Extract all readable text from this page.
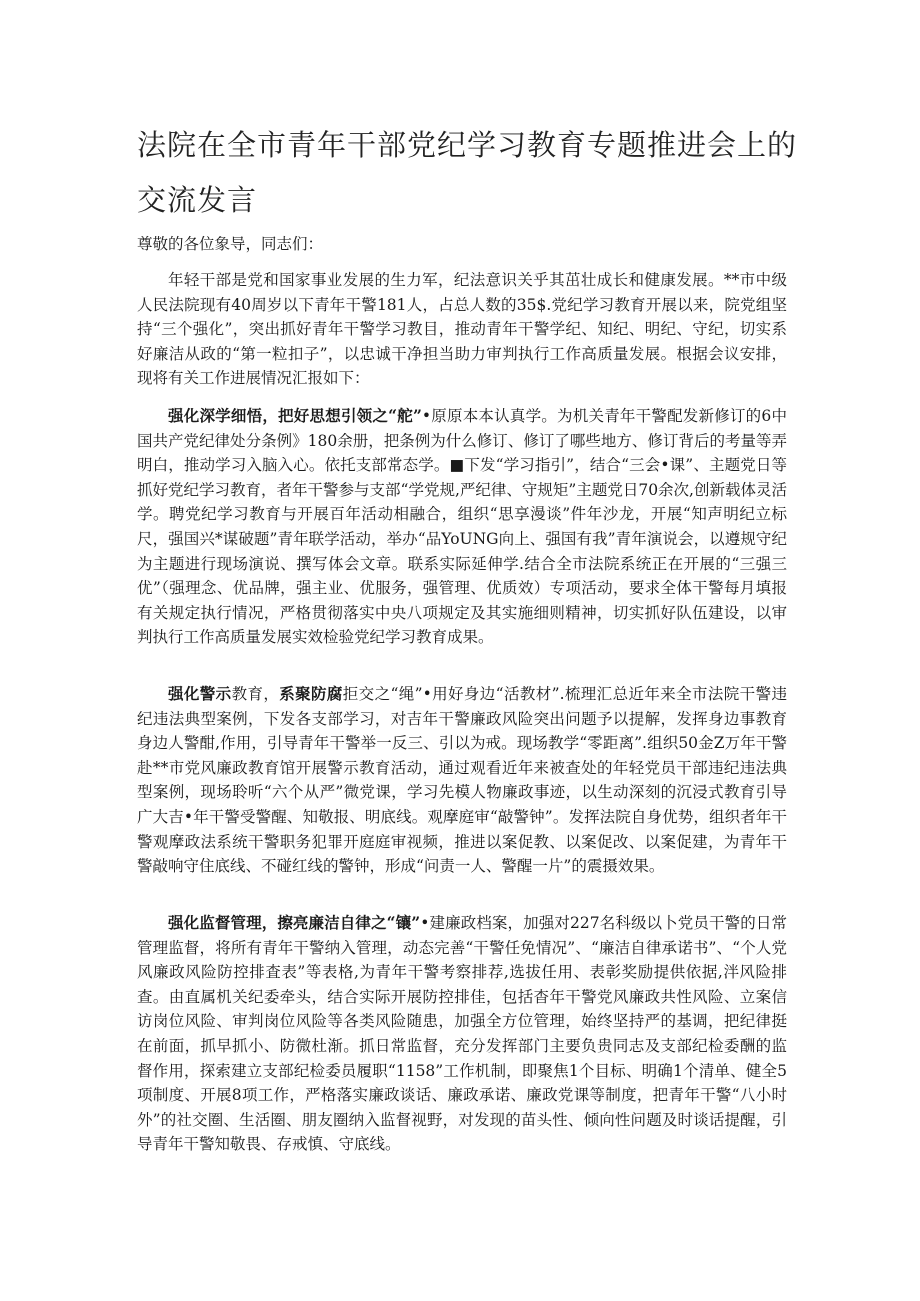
法院在全市青年干部党纪学习教育专题推进会上的
交流发言
尊敬的各位象导，同志们：

年轻干部是党和国家事业发展的生力军，纪法意识关乎其茁壮成长和健康发展。**市中级人民法院现有40周岁以下青年干警181人，占总人数的35$.党纪学习教育开展以来，院党组坚持“三个强化”，突出抓好青年干警学习教目，推动青年干警学纪、知纪、明纪、守纪，切实系好廉洁从政的“第一粒扣子”，以忠诚干净担当助力审判执行工作高质量发展。根据会议安排，现将有关工作进展情况汇报如下：

强化深学细悟，把好思想引领之“舵”•原原本本认真学。为机关青年干警配发新修订的6中国共产党纪律处分条例》180余册，把条例为什么修订、修订了哪些地方、修订背后的考量等弄明白，推动学习入脑入心。依托支部常态学。■下发“学习指引”，结合“三会•课”、主题党日等抓好党纪学习教育，者年干警参与支部“学党规,严纪律、守规矩”主题党日70余次,创新载体灵活学。聘党纪学习教育与开展百年活动相融合，组织“思享漫谈”件年沙龙，开展“知声明纪立标尺，强国兴*谋破题”青年联学活动，举办“品YoUNG向上、强国有我”青年演说会，以遵规守纪为主题进行现场演说、撰写体会文章。联系实际延伸学.结合全市法院系统正在开展的“三强三优”（强理念、优品牌，强主业、优服务，强管理、优质效）专项活动，要求全体干警每月填报有关规定执行情况，严格贯彻落实中央八项规定及其实施细则精神，切实抓好队伍建设，以审判执行工作高质量发展实效检验党纪学习教育成果。

强化警示教育，系聚防腐拒交之“绳”•用好身边“活教材”.梳理汇总近年来全市法院干警违纪违法典型案例，下发各支部学习，对吉年干警廉政风险突出问题予以提解，发挥身边事教育身边人警酣,作用，引导青年干警举一反三、引以为戒。现场教学“零距离”.组织50金Z万年干警赴**市党风廉政教育馆开展警示教育活动，通过观看近年来被查处的年轻党员干部违纪违法典型案例，现场聆听“六个从严”微党课，学习先模人物廉政事迹，以生动深刻的沉浸式教育引导广大吉•年干警受警醒、知敬报、明底线。观摩庭审“敲警钟”。发挥法院自身优势，组织者年干警观摩政法系统干警职务犯罪开庭庭审视频，推进以案促教、以案促改、以案促建，为青年干警敲响守住底线、不碰红线的警钟，形成“问责一人、警醒一片”的震摄效果。

强化监督管理，擦亮廉洁自律之“镶”•建廉政档案，加强对227名科级以卜党员干警的日常管理监督，将所有青年干警纳入管理，动态完善“干警任免情况”、“廉洁自律承诺书”、“个人党风廉政风险防控排査表”等表格,为青年干警考察排荐,选拔任用、表彰奖励提供依据,泮风险排查。由直属机关纪委牵头，结合实际开展防控排佳，包括杳年干警党风廉政共性风险、立案信访岗位风险、审判岗位风险等各类风险随患，加强全方位管理，始终坚持严的基调，把纪律挺在前面，抓早抓小、防微杜渐。抓日常监督，充分发挥部门主要负贵同志及支部纪检委酬的监督作用，探索建立支部纪检委员履职“1158”工作机制，即聚焦1个目标、明确1个清单、健全5项制度、开展8项工作，严格落实廉政谈话、廉政承诺、廉政党课等制度，把青年干警“八小时外”的社交圈、生活圈、朋友圈纳入监督视野，对发现的苗头性、倾向性问题及时谈话提醒，引导青年干警知敬畏、存戒慎、守底线。
